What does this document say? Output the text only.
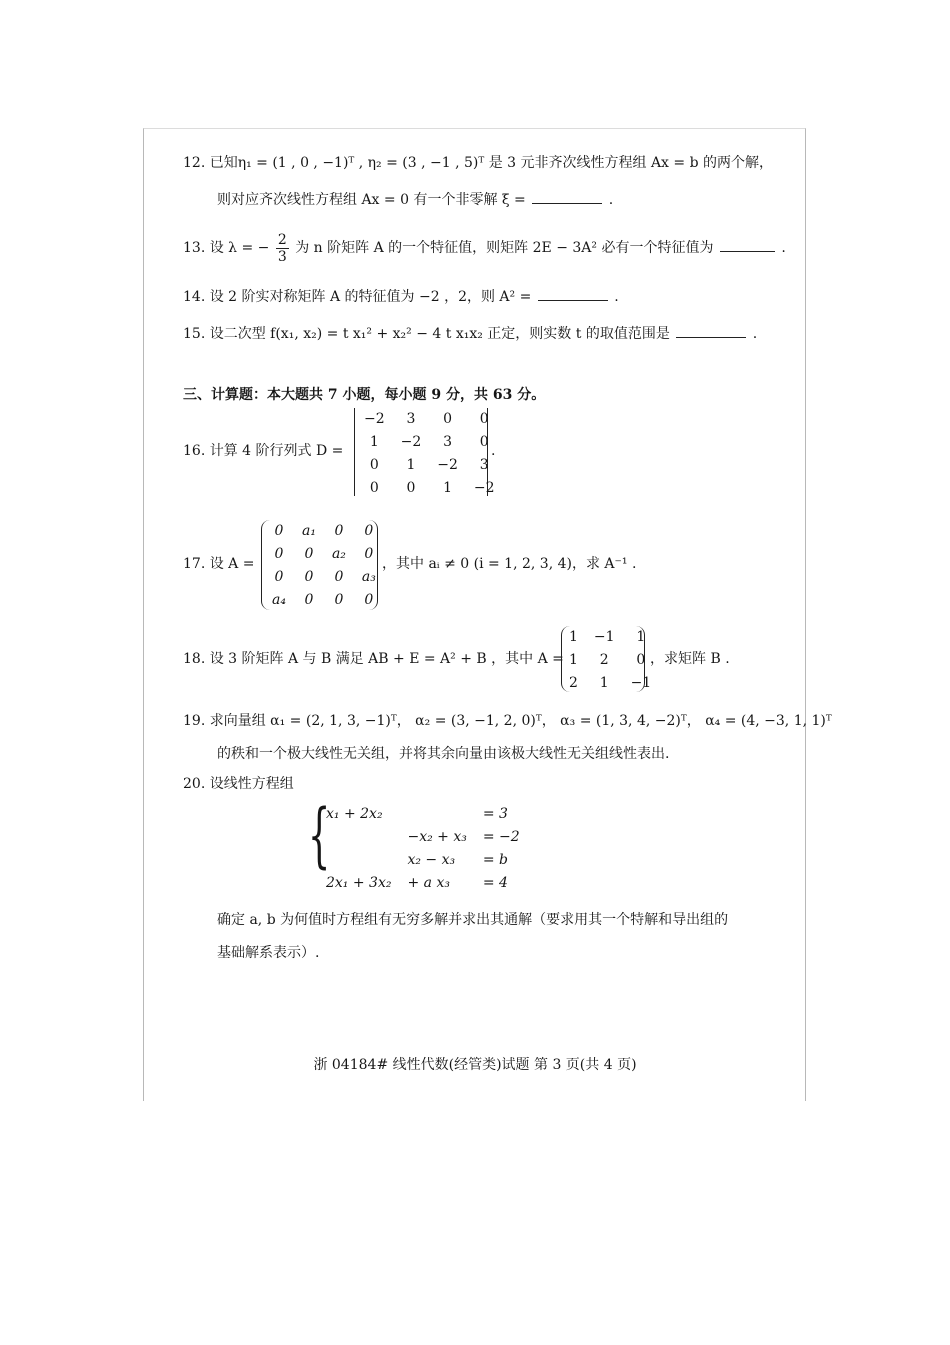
12. 已知η₁ = (1 , 0 , −1)ᵀ , η₂ = (3 , −1 , 5)ᵀ 是 3 元非齐次线性方程组 Ax = b 的两个解，
则对应齐次线性方程组 Ax = 0 有一个非零解 ξ =	.
13. 设 λ = − $\frac{2}{3}$ 为 n 阶矩阵 A 的一个特征值，则矩阵 2E − 3A² 必有一个特征值为	.
14. 设 2 阶实对称矩阵 A 的特征值为 −2 ，2，则 A² =	.
15. 设二次型 f(x₁, x₂) = t x₁² + x₂² − 4 t x₁x₂ 正定，则实数 t 的取值范围是	.
三、计算题：本大题共 7 小题，每小题 9 分，共 63 分。
16. 计算 4 阶行列式 D =
−2	3	0	0
1	−2	3	0
0	1	−2	3
0	0	1	−2
.
17. 设 A =
0	a₁	0	0
0	0	a₂	0
0	0	0	a₃
a₄	0	0	0
，其中 aᵢ ≠ 0 (i = 1, 2, 3, 4)，求 A⁻¹ .
18. 设 3 阶矩阵 A 与 B 满足 AB + E = A² + B ，其中 A =
1	−1	1
1	2	0
2	1	−1
，求矩阵 B .
19. 求向量组 α₁ = (2, 1, 3, −1)ᵀ， α₂ = (3, −1, 2, 0)ᵀ， α₃ = (1, 3, 4, −2)ᵀ， α₄ = (4, −3, 1, 1)ᵀ
的秩和一个极大线性无关组，并将其余向量由该极大线性无关组线性表出.
20. 设线性方程组
{
x₁ + 2x₂		= 3
	−x₂ + x₃	= −2
	x₂ − x₃	= b
2x₁ + 3x₂	+ a x₃	= 4
确定 a, b 为何值时方程组有无穷多解并求出其通解（要求用其一个特解和导出组的
基础解系表示）.
浙 04184# 线性代数(经管类)试题 第 3 页(共 4 页)
